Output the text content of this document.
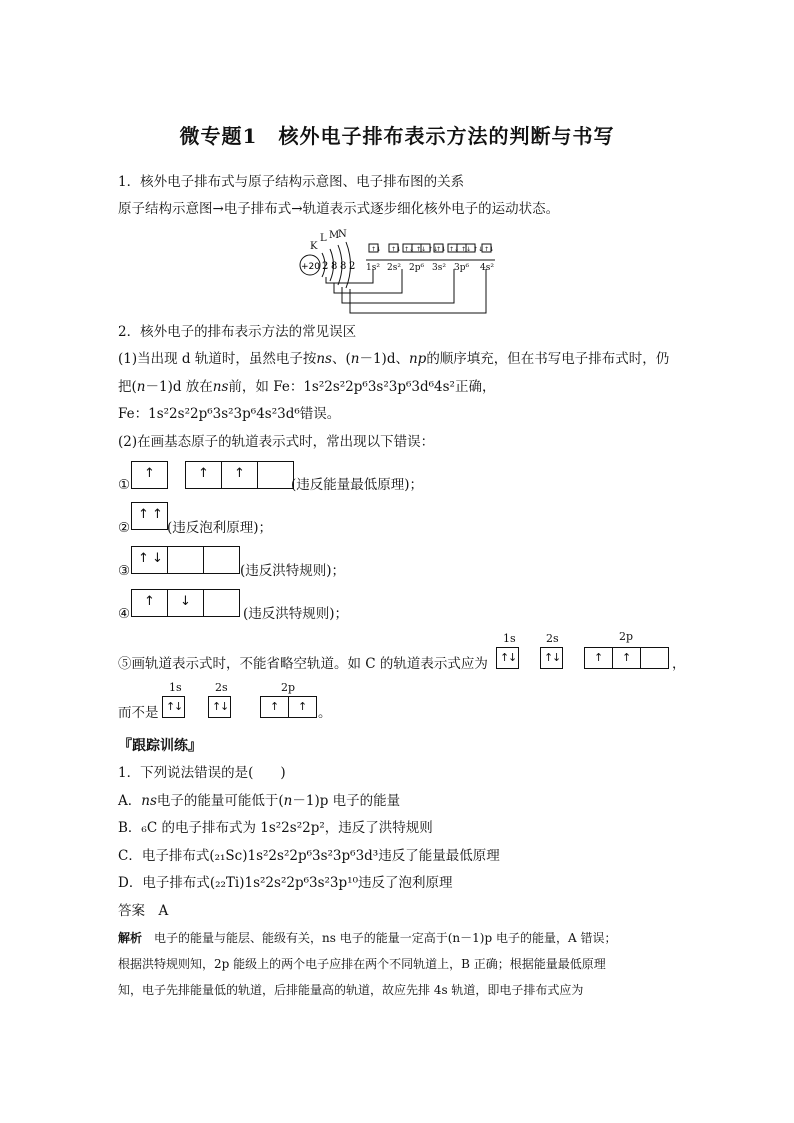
微专题1　核外电子排布表示方法的判断与书写
1．核外电子排布式与原子结构示意图、电子排布图的关系
原子结构示意图→电子排布式→轨道表示式逐步细化核外电子的运动状态。
K
L M
N
+20 2 8 8 2
↑↓ ↑↓ ↑↓ ↑↓ ↑↓
↑↓ ↑↓ ↑↓ ↑↓ ↑↓
1s² 2s² 2p⁶ 3s² 3p⁶ 4s²
2．核外电子的排布表示方法的常见误区
(1)当出现 d 轨道时，虽然电子按ns、(n－1)d、np的顺序填充，但在书写电子排布式时，仍
把(n－1)d 放在ns前，如 Fe：1s²2s²2p⁶3s²3p⁶3d⁶4s²正确，
Fe：1s²2s²2p⁶3s²3p⁶4s²3d⁶错误。
(2)在画基态原子的轨道表示式时，常出现以下错误：
①
↑	↑ ↑
(违反能量最低原理)；
②
↑ ↑
(违反泡利原理)；
③
↑ ↓
(违反洪特规则)；
④
↑ ↓
(违反洪特规则)；
⑤画轨道表示式时，不能省略空轨道。如 C 的轨道表示式应为
1s
↑
↓
2s
↑
↓
2p
↑ ↑	，
而不是
1s
↑
↓
2s
↑
↓
2p
↑ ↑ 。
『跟踪训练』
1．下列说法错误的是(　　)
A．ns电子的能量可能低于(n－1)p 电子的能量
B．₆C 的电子排布式为 1s²2s²2p²，违反了洪特规则
C．电子排布式(₂₁Sc)1s²2s²2p⁶3s²3p⁶3d³违反了能量最低原理
D．电子排布式(₂₂Ti)1s²2s²2p⁶3s²3p¹⁰违反了泡利原理
答案　 A
解析　 电子的能量与能层、能级有关，ns 电子的能量一定高于(n－1)p 电子的能量，A 错误；
根据洪特规则知，2p 能级上的两个电子应排在两个不同轨道上，B 正确；根据能量最低原理
知，电子先排能量低的轨道，后排能量高的轨道，故应先排 4s 轨道，即电子排布式应为
